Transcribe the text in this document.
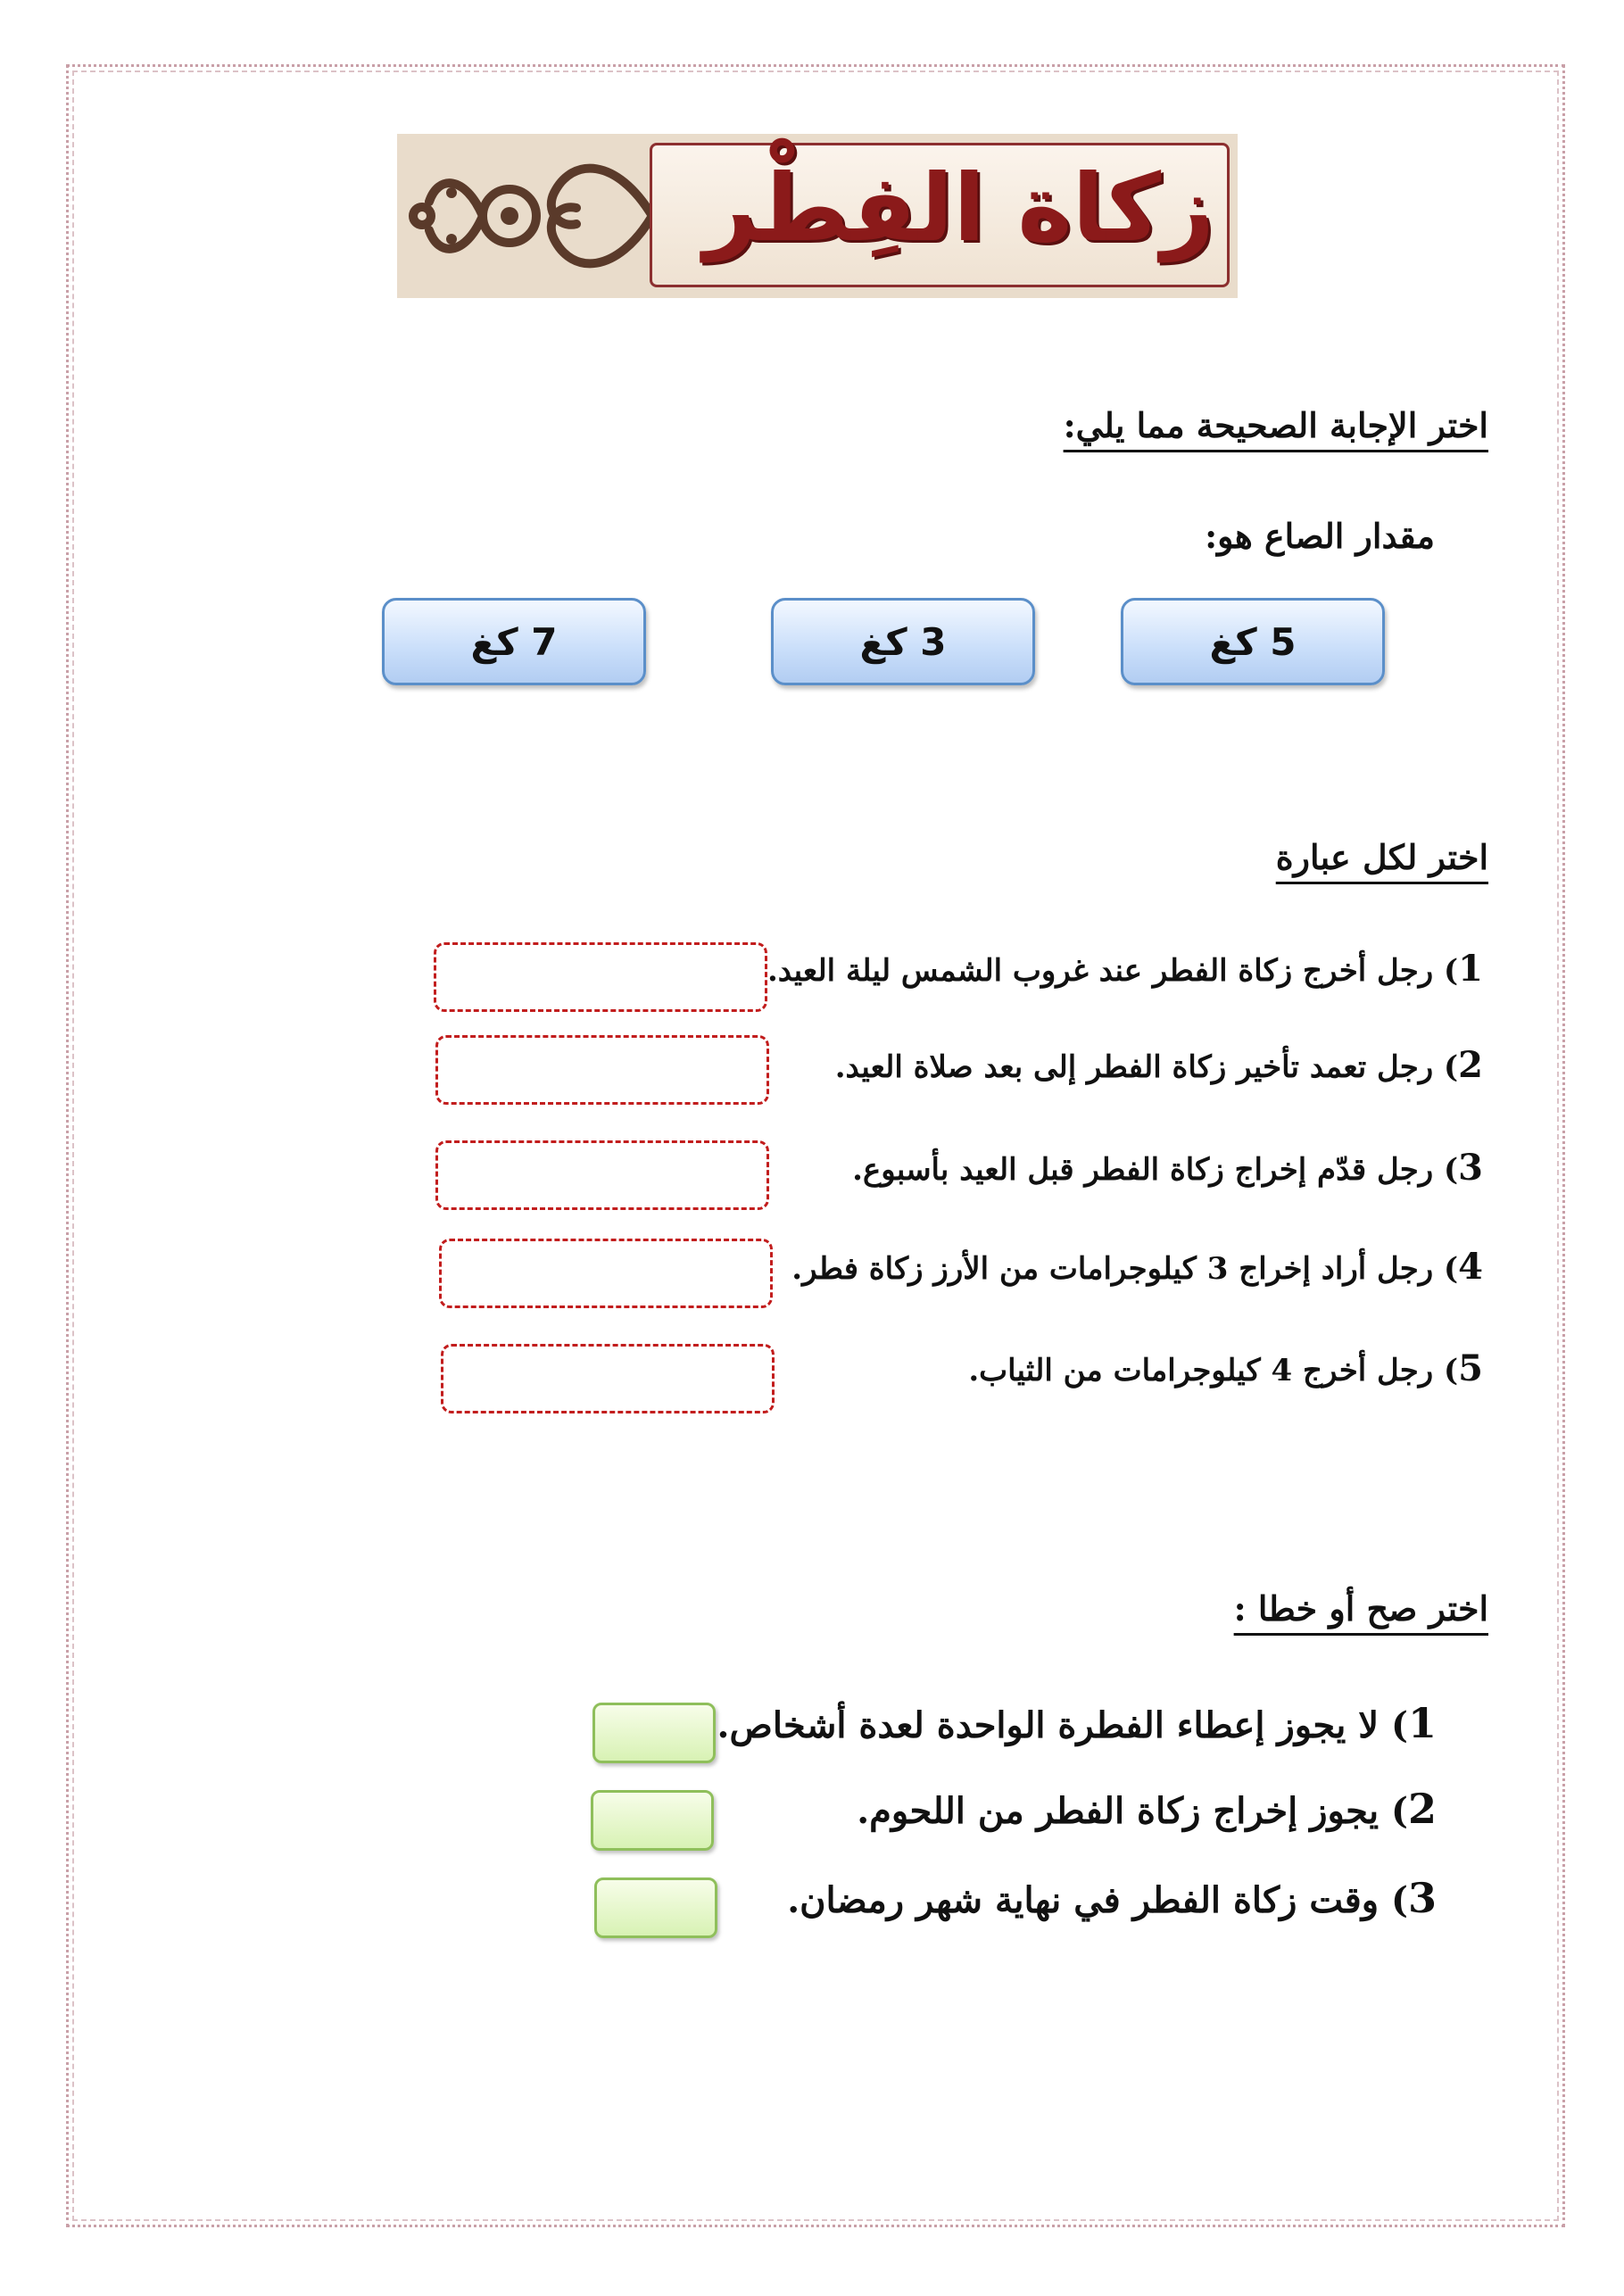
زكاة الفِطْر
اختر الإجابة الصحيحة مما يلي:
مقدار الصاع هو:
5 كغ
3 كغ
7 كغ
اختر لكل عبارة
1) رجل أخرج زكاة الفطر عند غروب الشمس ليلة العيد.
2) رجل تعمد تأخير زكاة الفطر إلى بعد صلاة العيد.
3) رجل قدّم إخراج زكاة الفطر قبل العيد بأسبوع.
4) رجل أراد إخراج 3 كيلوجرامات من الأرز زكاة فطر.
5) رجل أخرج 4 كيلوجرامات من الثياب.
اختر صح أو خطا :
1) لا يجوز إعطاء الفطرة الواحدة لعدة أشخاص.
2) يجوز إخراج زكاة الفطر من اللحوم.
3) وقت زكاة الفطر في نهاية شهر رمضان.
